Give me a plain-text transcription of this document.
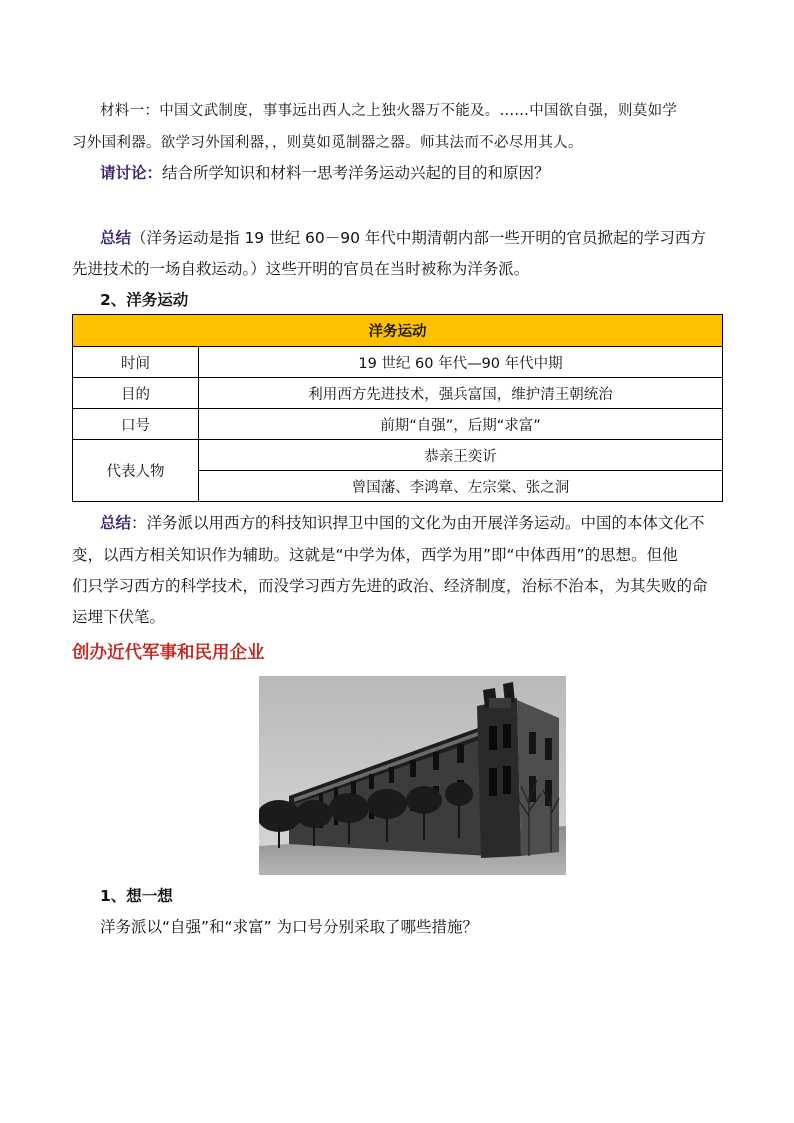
材料一：中国文武制度，事事远出西人之上独火器万不能及。……中国欲自强，则莫如学
习外国利器。欲学习外国利器，，则莫如觅制器之器。师其法而不必尽用其人。
请讨论：结合所学知识和材料一思考洋务运动兴起的目的和原因？
总结（洋务运动是指 19 世纪 60－90 年代中期清朝内部一些开明的官员掀起的学习西方
先进技术的一场自救运动。）这些开明的官员在当时被称为洋务派。
2、洋务运动
洋务运动	
时间	19 世纪 60 年代—90 年代中期
目的	利用西方先进技术，强兵富国，维护清王朝统治
口号	前期“自强”，后期“求富”
代表人物	恭亲王奕䜣
	曾国藩、李鸿章、左宗棠、张之洞
总结：洋务派以用西方的科技知识捍卫中国的文化为由开展洋务运动。中国的本体文化不
变，以西方相关知识作为辅助。这就是“中学为体，西学为用”即“中体西用”的思想。但他
们只学习西方的科学技术，而没学习西方先进的政治、经济制度，治标不治本，为其失败的命
运埋下伏笔。
创办近代军事和民用企业
1、想一想
洋务派以“自强”和“求富” 为口号分别采取了哪些措施？
